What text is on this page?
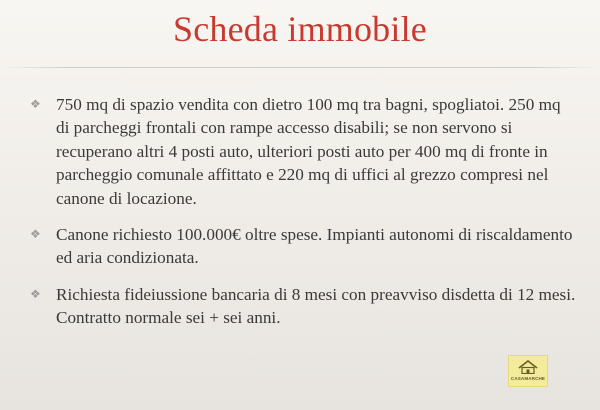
Scheda immobile
❖ 750 mq di spazio vendita con dietro 100 mq tra bagni, spogliatoi. 250 mq di parcheggi frontali con rampe accesso disabili; se non servono si recuperano altri 4 posti auto, ulteriori posti auto per 400 mq di fronte in parcheggio comunale affittato e 220 mq di uffici al grezzo compresi nel canone di locazione.
❖ Canone richiesto 100.000€ oltre spese. Impianti autonomi di riscaldamento ed aria condizionata.
❖ Richiesta fideiussione bancaria di 8 mesi con preavviso disdetta di 12 mesi. Contratto normale sei + sei anni.
CASAMARCHE
